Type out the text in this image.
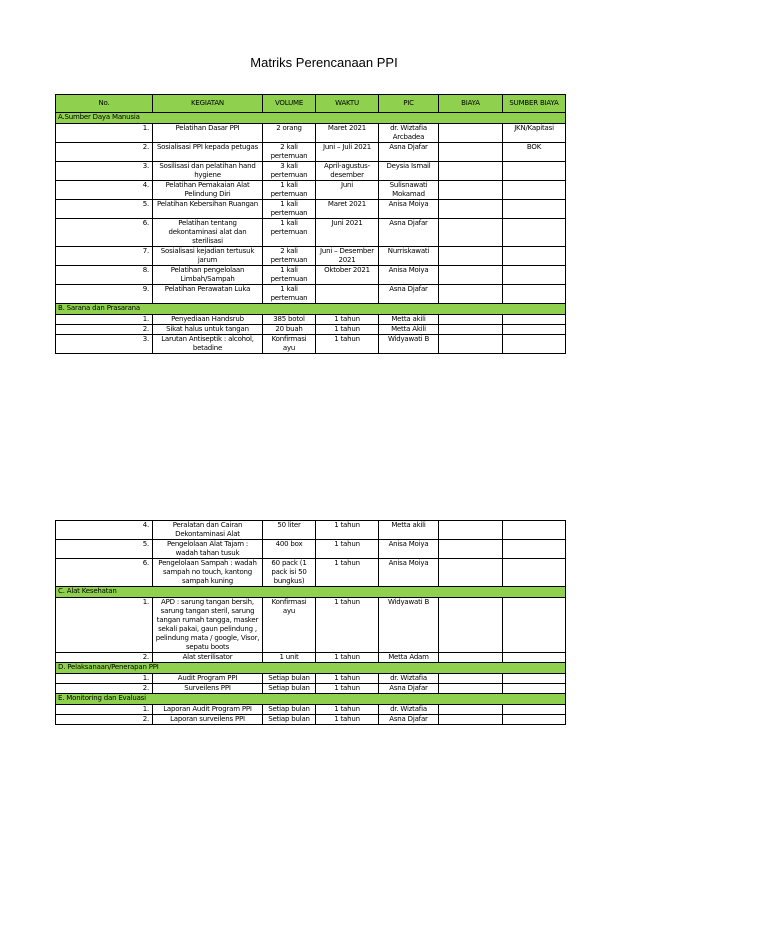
Matriks Perencanaan PPI
No.	KEGIATAN	VOLUME	WAKTU	PIC	BIAYA	SUMBER BIAYA
A.Sumber Daya Manusia						
1.	Pelatihan Dasar PPI	2 orang	Maret 2021	dr. Wiztafia Arcbadea		JKN/Kapitasi
2.	Sosialisasi PPI kepada petugas	2 kali pertemuan	Juni – Juli 2021	Asna Djafar		BOK
3.	Sosilisasi dan pelatihan hand hygiene	3 kali pertemuan	April-agustus-desember	Deysia Ismail		
4.	Pelatihan Pemakaian Alat Pelindung Diri	1 kali pertemuan	Juni	Sulisnawati Mokamad		
5.	Pelatihan Kebersihan Ruangan	1 kali pertemuan	Maret 2021	Anisa Moiya		
6.	Pelatihan tentang dekontaminasi alat dan sterilisasi	1 kali pertemuan	Juni 2021	Asna Djafar		
7.	Sosialisasi kejadian tertusuk jarum	2 kali pertemuan	Juni – Desember 2021	Nurriskawati		
8.	Pelatihan pengelolaan Limbah/Sampah	1 kali pertemuan	Oktober 2021	Anisa Moiya		
9.	Pelatihan Perawatan Luka	1 kali pertemuan		Asna Djafar		
B. Sarana dan Prasarana						
1.	Penyediaan Handsrub	385 botol	1 tahun	Metta akili		
2.	Sikat halus untuk tangan	20 buah	1 tahun	Metta Akili		
3.	Larutan Antiseptik : alcohol, betadine	Konfirmasi ayu	1 tahun	Widyawati B		
4.	Peralatan dan Cairan Dekontaminasi Alat	50 liter	1 tahun	Metta akili		
5.	Pengelolaan Alat Tajam : wadah tahan tusuk	400 box	1 tahun	Anisa Moiya		
6.	Pengelolaan Sampah : wadah sampah no touch, kantong sampah kuning	60 pack (1 pack isi 50 bungkus)	1 tahun	Anisa Moiya		
C. Alat Kesehatan						
1.	APD : sarung tangan bersih, sarung tangan steril, sarung tangan rumah tangga, masker sekali pakai, gaun pelindung , pelindung mata / google, Visor, sepatu boots	Konfirmasi ayu	1 tahun	Widyawati B		
2.	Alat sterilisator	1 unit	1 tahun	Metta Adam		
D. Pelaksanaan/Penerapan PPI						
1.	Audit Program PPI	Setiap bulan	1 tahun	dr. Wiztafia		
2.	Surveilens PPI	Setiap bulan	1 tahun	Asna Djafar		
E. Monitoring dan Evaluasi						
1.	Laporan Audit Program PPI	Setiap bulan	1 tahun	dr. Wiztafia		
2.	Laporan surveilens PPI	Setiap bulan	1 tahun	Asna Djafar		
